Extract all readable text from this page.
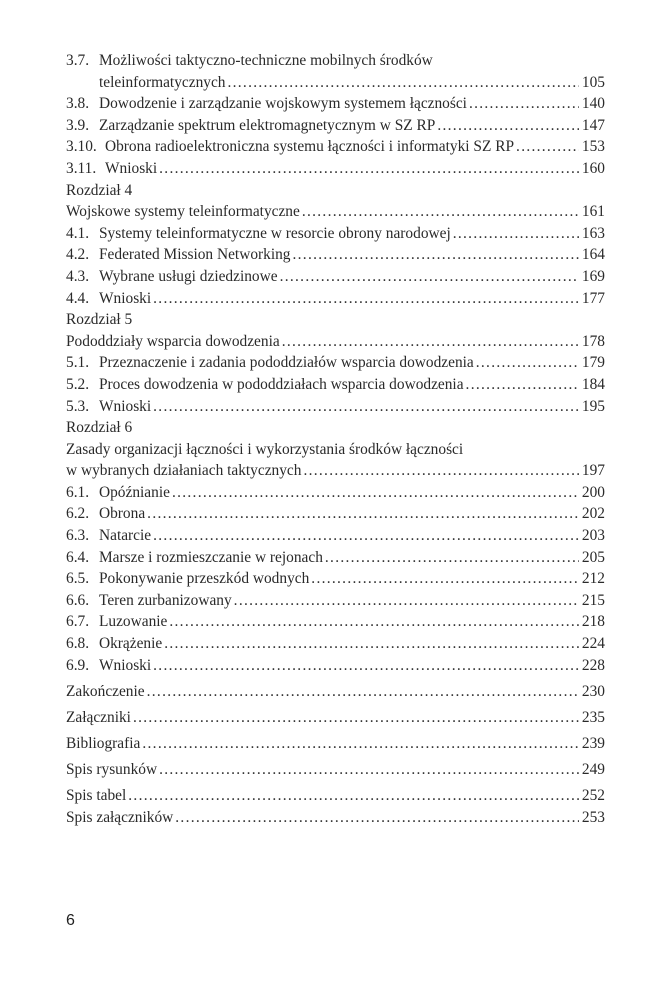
3.7. Możliwości taktyczno-techniczne mobilnych środków
teleinformatycznych .....	105
3.8. Dowodzenie i zarządzanie wojskowym systemem łączności .....	140
3.9. Zarządzanie spektrum elektromagnetycznym w SZ RP .....	147
3.10. Obrona radioelektroniczna systemu łączności i informatyki SZ RP .....	153
3.11. Wnioski .....	160
Rozdział 4
Wojskowe systemy teleinformatyczne .....	161
4.1. Systemy teleinformatyczne w resorcie obrony narodowej .....	163
4.2. Federated Mission Networking .....	164
4.3. Wybrane usługi dziedzinowe .....	169
4.4. Wnioski .....	177
Rozdział 5
Pododdziały wsparcia dowodzenia .....	178
5.1. Przeznaczenie i zadania pododdziałów wsparcia dowodzenia .....	179
5.2. Proces dowodzenia w pododdziałach wsparcia dowodzenia .....	184
5.3. Wnioski .....	195
Rozdział 6
Zasady organizacji łączności i wykorzystania środków łączności
w wybranych działaniach taktycznych .....	197
6.1. Opóźnianie .....	200
6.2. Obrona .....	202
6.3. Natarcie .....	203
6.4. Marsze i rozmieszczanie w rejonach .....	205
6.5. Pokonywanie przeszkód wodnych .....	212
6.6. Teren zurbanizowany .....	215
6.7. Luzowanie .....	218
6.8. Okrążenie .....	224
6.9. Wnioski .....	228
Zakończenie .....	230
Załączniki .....	235
Bibliografia .....	239
Spis rysunków .....	249
Spis tabel .....	252
Spis załączników .....	253
6
